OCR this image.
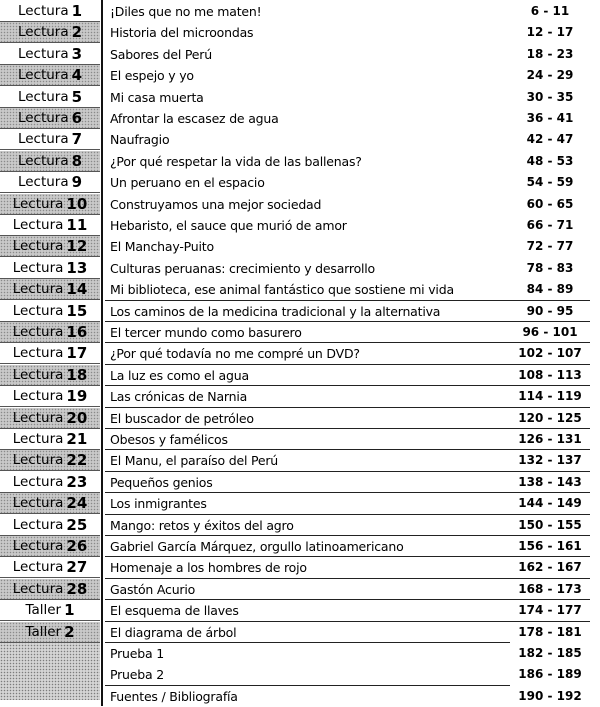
Lectura 1 ¡Diles que no me maten!	6 - 11
Lectura 2 Historia del microondas	12 - 17
Lectura 3 Sabores del Perú	18 - 23
Lectura 4 El espejo y yo	24 - 29
Lectura 5 Mi casa muerta	30 - 35
Lectura 6 Afrontar la escasez de agua	36 - 41
Lectura 7 Naufragio	42 - 47
Lectura 8 ¿Por qué respetar la vida de las ballenas?	48 - 53
Lectura 9 Un peruano en el espacio	54 - 59
Lectura 10 Construyamos una mejor sociedad	60 - 65
Lectura 11 Hebaristo, el sauce que murió de amor	66 - 71
Lectura 12 El Manchay-Puito	72 - 77
Lectura 13 Culturas peruanas: crecimiento y desarrollo	78 - 83
Lectura 14 Mi biblioteca, ese animal fantástico que sostiene mi vida	84 - 89
Lectura 15 Los caminos de la medicina tradicional y la alternativa	90 - 95
Lectura 16 El tercer mundo como basurero	96 - 101
Lectura 17 ¿Por qué todavía no me compré un DVD?	102 - 107
Lectura 18 La luz es como el agua	108 - 113
Lectura 19 Las crónicas de Narnia	114 - 119
Lectura 20 El buscador de petróleo	120 - 125
Lectura 21 Obesos y famélicos	126 - 131
Lectura 22 El Manu, el paraíso del Perú	132 - 137
Lectura 23 Pequeños genios	138 - 143
Lectura 24 Los inmigrantes	144 - 149
Lectura 25 Mango: retos y éxitos del agro	150 - 155
Lectura 26 Gabriel García Márquez, orgullo latinoamericano	156 - 161
Lectura 27 Homenaje a los hombres de rojo	162 - 167
Lectura 28 Gastón Acurio	168 - 173
Taller 1	El esquema de llaves	174 - 177
Taller 2	El diagrama de árbol	178 - 181
Prueba 1	182 - 185
Prueba 2	186 - 189
Fuentes / Bibliografía	190 - 192
